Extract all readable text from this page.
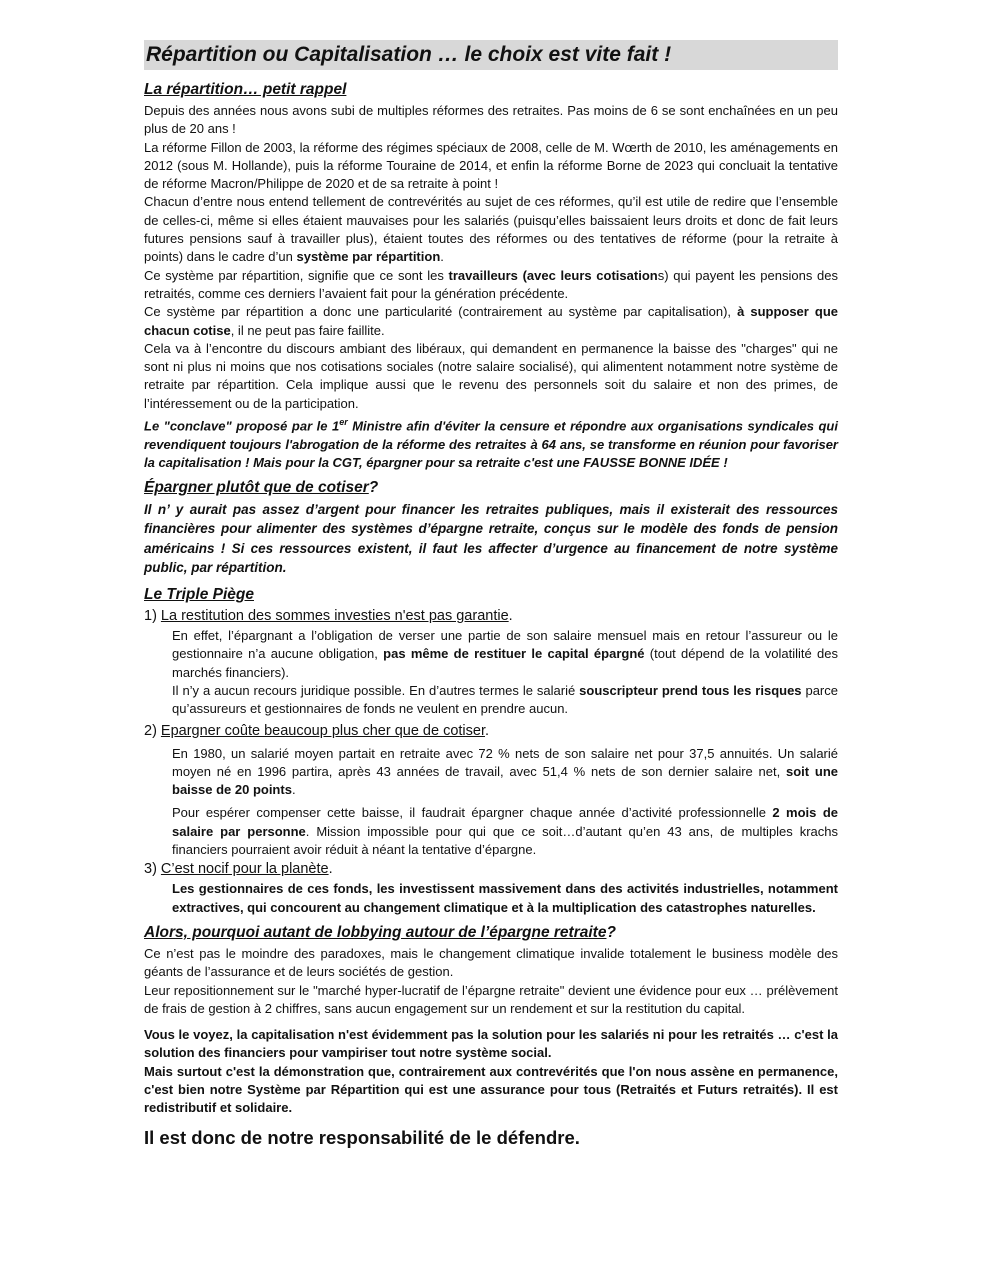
Répartition ou Capitalisation … le choix est vite fait !
La répartition… petit rappel

Depuis des années nous avons subi de multiples réformes des retraites. Pas moins de 6 se sont enchaînées en un peu plus de 20 ans !

La réforme Fillon de 2003, la réforme des régimes spéciaux de 2008, celle de M. Wœrth de 2010, les aménagements en 2012 (sous M. Hollande), puis la réforme Touraine de 2014, et enfin la réforme Borne de 2023 qui concluait la tentative de réforme Macron/Philippe de 2020 et de sa retraite à point !

Chacun d’entre nous entend tellement de contrevérités au sujet de ces réformes, qu’il est utile de redire que l’ensemble de celles-ci, même si elles étaient mauvaises pour les salariés (puisqu’elles baissaient leurs droits et donc de fait leurs futures pensions sauf à travailler plus), étaient toutes des réformes ou des tentatives de réforme (pour la retraite à points) dans le cadre d’un système par répartition.

Ce système par répartition, signifie que ce sont les travailleurs (avec leurs cotisations) qui payent les pensions des retraités, comme ces derniers l’avaient fait pour la génération précédente.

Ce système par répartition a donc une particularité (contrairement au système par capitalisation), à supposer que chacun cotise, il ne peut pas faire faillite.

Cela va à l’encontre du discours ambiant des libéraux, qui demandent en permanence la baisse des "charges" qui ne sont ni plus ni moins que nos cotisations sociales (notre salaire socialisé), qui alimentent notamment notre système de retraite par répartition. Cela implique aussi que le revenu des personnels soit du salaire et non des primes, de l’intéressement ou de la participation.

Le "conclave" proposé par le 1er Ministre afin d'éviter la censure et répondre aux organisations syndicales qui revendiquent toujours l'abrogation de la réforme des retraites à 64 ans, se transforme en réunion pour favoriser la capitalisation ! Mais pour la CGT, épargner pour sa retraite c'est une FAUSSE BONNE IDÉE !

Épargner plutôt que de cotiser?

Il n’ y aurait pas assez d’argent pour financer les retraites publiques, mais il existerait des ressources financières pour alimenter des systèmes d’épargne retraite, conçus sur le modèle des fonds de pension américains ! Si ces ressources existent, il faut les affecter d’urgence au financement de notre système public, par répartition.

Le Triple Piège
1) La restitution des sommes investies n'est pas garantie.

En effet, l’épargnant a l’obligation de verser une partie de son salaire mensuel mais en retour l’assureur ou le gestionnaire n’a aucune obligation, pas même de restituer le capital épargné (tout dépend de la volatilité des marchés financiers).

Il n’y a aucun recours juridique possible. En d’autres termes le salarié souscripteur prend tous les risques parce qu’assureurs et gestionnaires de fonds ne veulent en prendre aucun.

2) Epargner coûte beaucoup plus cher que de cotiser.

En 1980, un salarié moyen partait en retraite avec 72 % nets de son salaire net pour 37,5 annuités. Un salarié moyen né en 1996 partira, après 43 années de travail, avec 51,4 % nets de son dernier salaire net, soit une baisse de 20 points.

Pour espérer compenser cette baisse, il faudrait épargner chaque année d’activité professionnelle 2 mois de salaire par personne. Mission impossible pour qui que ce soit…d’autant qu’en 43 ans, de multiples krachs financiers pourraient avoir réduit à néant la tentative d’épargne.

3) C’est nocif pour la planète.

Les gestionnaires de ces fonds, les investissent massivement dans des activités industrielles, notamment extractives, qui concourent au changement climatique et à la multiplication des catastrophes naturelles.

Alors, pourquoi autant de lobbying autour de l’épargne retraite?

Ce n’est pas le moindre des paradoxes, mais le changement climatique invalide totalement le business modèle des géants de l’assurance et de leurs sociétés de gestion.

Leur repositionnement sur le "marché hyper-lucratif de l’épargne retraite" devient une évidence pour eux … prélèvement de frais de gestion à 2 chiffres, sans aucun engagement sur un rendement et sur la restitution du capital.

Vous le voyez, la capitalisation n'est évidemment pas la solution pour les salariés ni pour les retraités … c'est la solution des financiers pour vampiriser tout notre système social.

Mais surtout c'est la démonstration que, contrairement aux contrevérités que l'on nous assène en permanence, c'est bien notre Système par Répartition qui est une assurance pour tous (Retraités et Futurs retraités). Il est redistributif et solidaire.

Il est donc de notre responsabilité de le défendre.
